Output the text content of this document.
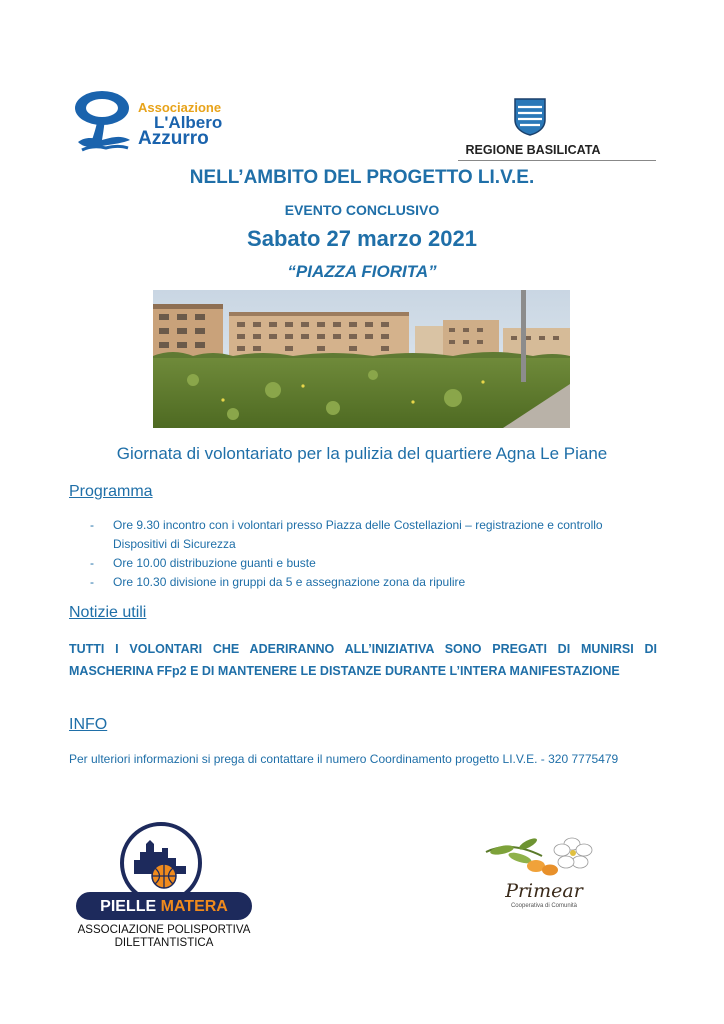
Associazione
L'Albero
Azzurro
REGIONE BASILICATA
NELL’AMBITO DEL PROGETTO LI.V.E.
EVENTO CONCLUSIVO
Sabato 27 marzo 2021
“PIAZZA FIORITA”
Giornata di volontariato per la pulizia del quartiere Agna Le Piane
Programma
- Ore 9.30 incontro con i volontari presso Piazza delle Costellazioni – registrazione e controllo Dispositivi di Sicurezza
- Ore 10.00 distribuzione guanti e buste
- Ore 10.30 divisione in gruppi da 5 e assegnazione zona da ripulire
Notizie utili
TUTTI I VOLONTARI CHE ADERIRANNO ALL’INIZIATIVA SONO PREGATI DI MUNIRSI DI MASCHERINA FFp2 E DI MANTENERE LE DISTANZE DURANTE L’INTERA MANIFESTAZIONE
INFO
Per ulteriori informazioni si prega di contattare il numero Coordinamento progetto LI.V.E. - 320 7775479
PIELLE MATERA
ASSOCIAZIONE POLISPORTIVA
DILETTANTISTICA
Primear
Cooperativa di Comunità
